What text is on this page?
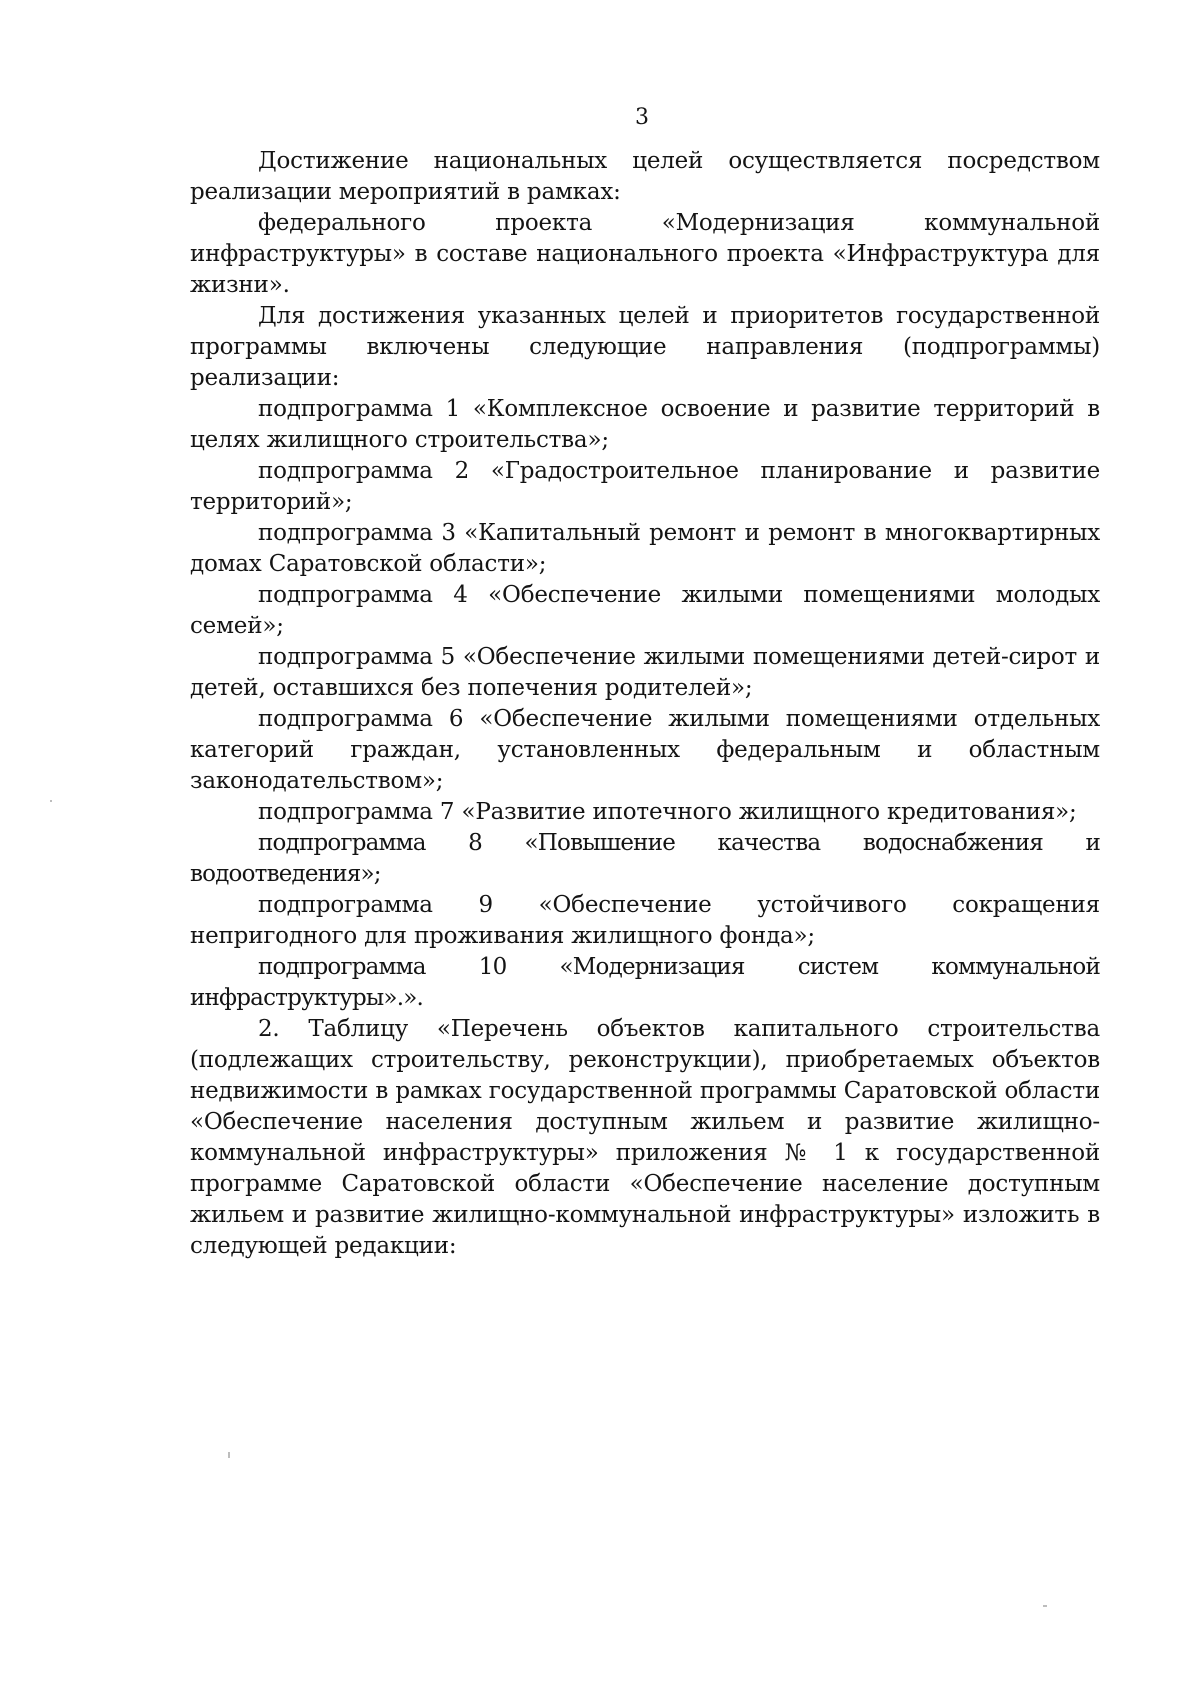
3

Достижение национальных целей осуществляется посредством реализации мероприятий в рамках:

федерального проекта «Модернизация коммунальной инфраструктуры» в составе национального проекта «Инфраструктура для жизни».

Для достижения указанных целей и приоритетов государственной программы включены следующие направления (подпрограммы) реализации:

подпрограмма 1 «Комплексное освоение и развитие территорий в целях жилищного строительства»;

подпрограмма 2 «Градостроительное планирование и развитие территорий»;

подпрограмма 3 «Капитальный ремонт и ремонт в многоквартирных домах Саратовской области»;

подпрограмма 4 «Обеспечение жилыми помещениями молодых семей»;

подпрограмма 5 «Обеспечение жилыми помещениями детей-сирот и детей, оставшихся без попечения родителей»;

подпрограмма 6 «Обеспечение жилыми помещениями отдельных категорий граждан, установленных федеральным и областным законодательством»;

подпрограмма 7 «Развитие ипотечного жилищного кредитования»;

подпрограмма 8 «Повышение качества водоснабжения и водоотведения»;

подпрограмма 9 «Обеспечение устойчивого сокращения непригодного для проживания жилищного фонда»;

подпрограмма 10 «Модернизация систем коммунальной инфраструктуры».».

2. Таблицу «Перечень объектов капитального строительства (подлежащих строительству, реконструкции), приобретаемых объектов недвижимости в рамках государственной программы Саратовской области «Обеспечение населения доступным жильем и развитие жилищно-коммунальной инфраструктуры» приложения № 1 к государственной программе Саратовской области «Обеспечение население доступным жильем и развитие жилищно-коммунальной инфраструктуры» изложить в следующей редакции:
